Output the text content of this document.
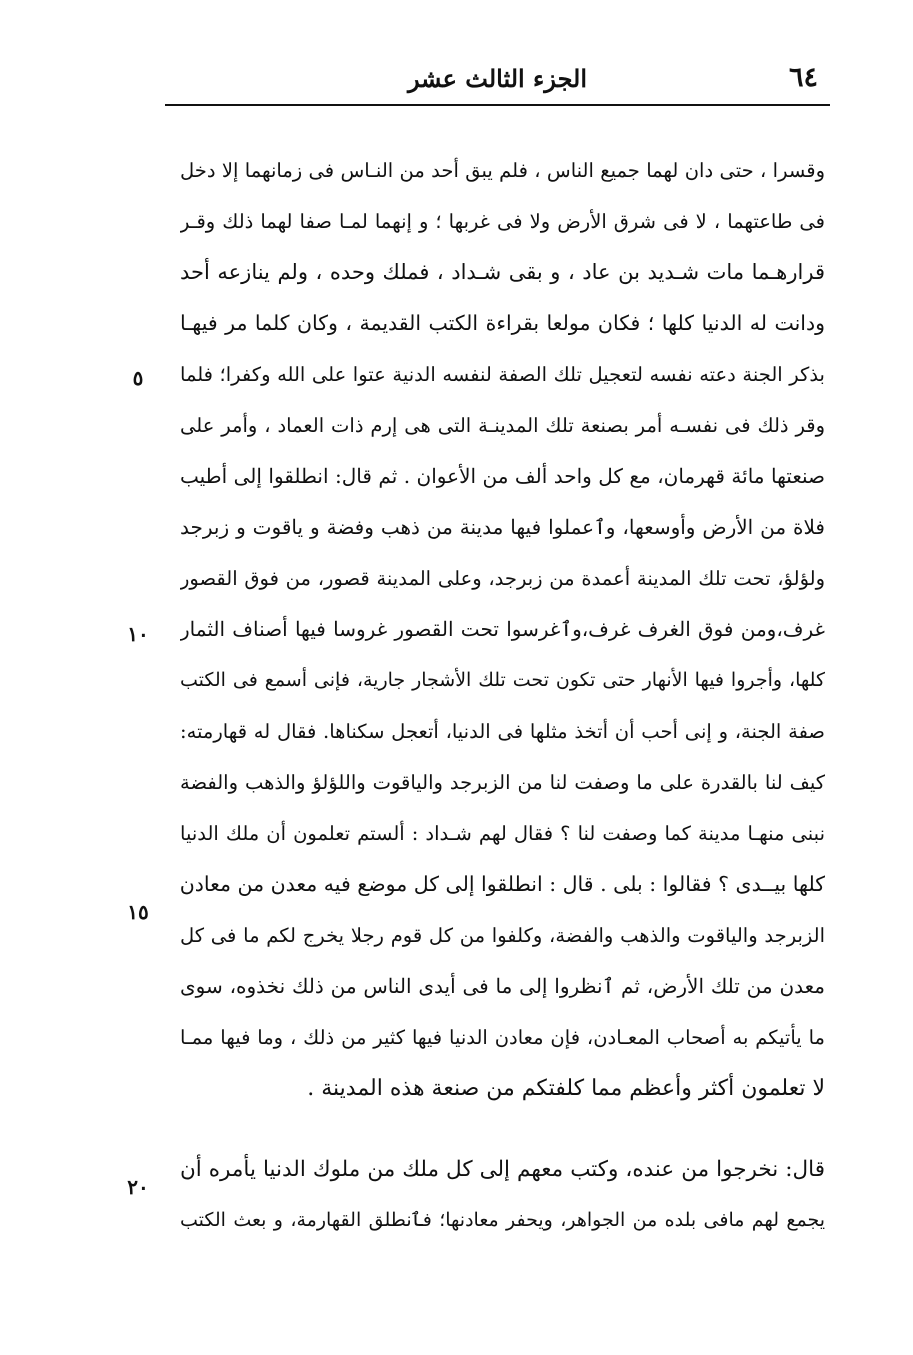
٦٤
الجزء الثالث عشر
وقسرا ، حتى دان لهما جميع الناس ، فلم يبق أحد من النـاس فى زمانهما إلا دخل
فى طاعتهما ، لا فى شرق الأرض ولا فى غربها ؛ و إنهما لمـا صفا لهما ذلك وقـر
قرارهـما مات شـديد بن عاد ، و بقى شـداد ، فملك وحده ، ولم ينازعه أحد
ودانت له الدنيا كلها ؛ فكان مولعا بقراءة الكتب القديمة ، وكان كلما مر فيهـا
بذكر الجنة دعته نفسه لتعجيل تلك الصفة لنفسه الدنية عتوا على الله وكفرا؛ فلما
وقر ذلك فى نفسـه أمر بصنعة تلك المدينـة التى هى إرم ذات العماد ، وأمر على
صنعتها مائة قهرمان، مع كل واحد ألف من الأعوان . ثم قال: انطلقوا إلى أطيب
فلاة من الأرض وأوسعها، وٱعملوا فيها مدينة من ذهب وفضة و ياقوت و زبرجد
ولؤلؤ، تحت تلك المدينة أعمدة من زبرجد، وعلى المدينة قصور، من فوق القصور
غرف،ومن فوق الغرف غرف،وٱغرسوا تحت القصور غروسا فيها أصناف الثمار
كلها، وأجروا فيها الأنهار حتى تكون تحت تلك الأشجار جارية، فإنى أسمع فى الكتب
صفة الجنة، و إنى أحب أن أتخذ مثلها فى الدنيا، أتعجل سكناها. فقال له قهارمته:
كيف لنا بالقدرة على ما وصفت لنا من الزبرجد والياقوت واللؤلؤ والذهب والفضة
نبنى منهـا مدينة كما وصفت لنا ؟ فقال لهم شـداد : ألستم تعلمون أن ملك الدنيا
كلها بيــدى ؟ فقالوا : بلى . قال : انطلقوا إلى كل موضع فيه معدن من معادن
الزبرجد والياقوت والذهب والفضة، وكلفوا من كل قوم رجلا يخرج لكم ما فى كل
معدن من تلك الأرض، ثم ٱنظروا إلى ما فى أيدى الناس من ذلك نخذوه، سوى
ما يأتيكم به أصحاب المعـادن، فإن معادن الدنيا فيها كثير من ذلك ، وما فيها ممـا
لا تعلمون أكثر وأعظم مما كلفتكم من صنعة هذه المدينة .
قال: نخرجوا من عنده، وكتب معهم إلى كل ملك من ملوك الدنيا يأمره أن
يجمع لهم مافى بلده من الجواهر، ويحفر معادنها؛ فٱنطلق القهارمة، و بعث الكتب
٥
١٠
١٥
٢٠
